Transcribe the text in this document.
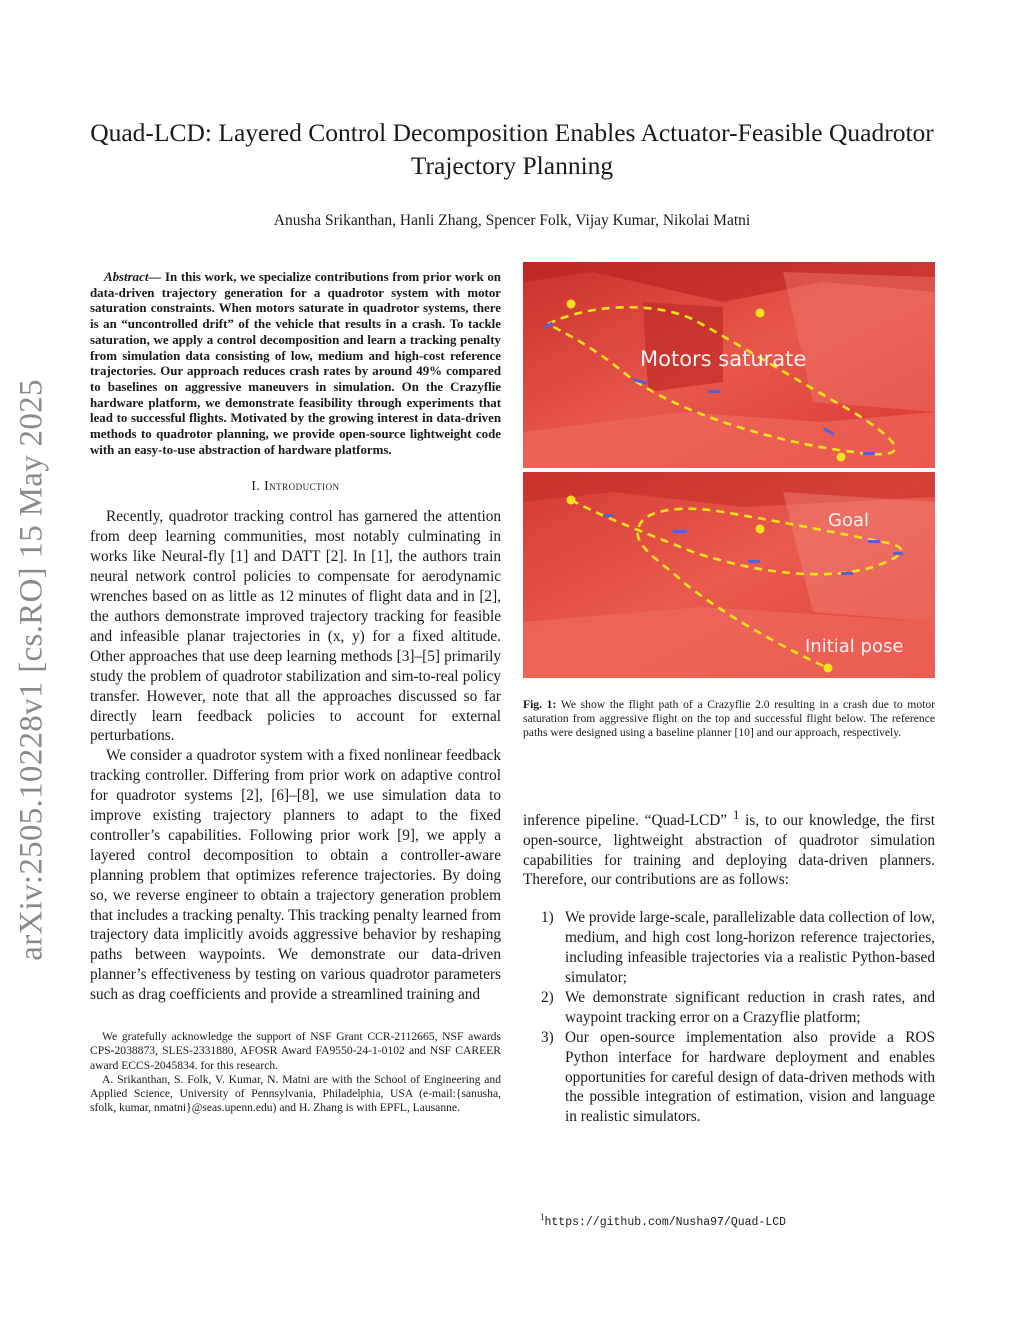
arXiv:2505.10228v1 [cs.RO] 15 May 2025
Quad-LCD: Layered Control Decomposition Enables Actuator-Feasible Quadrotor Trajectory Planning
Anusha Srikanthan, Hanli Zhang, Spencer Folk, Vijay Kumar, Nikolai Matni

Abstract— In this work, we specialize contributions from prior work on data-driven trajectory generation for a quadrotor system with motor saturation constraints. When motors saturate in quadrotor systems, there is an “uncontrolled drift” of the vehicle that results in a crash. To tackle saturation, we apply a control decomposition and learn a tracking penalty from simulation data consisting of low, medium and high-cost reference trajectories. Our approach reduces crash rates by around 49% compared to baselines on aggressive maneuvers in simulation. On the Crazyflie hardware platform, we demonstrate feasibility through experiments that lead to successful flights. Motivated by the growing interest in data-driven methods to quadrotor planning, we provide open-source lightweight code with an easy-to-use abstraction of hardware platforms.

I. Introduction

Recently, quadrotor tracking control has garnered the attention from deep learning communities, most notably culminating in works like Neural-fly [1] and DATT [2]. In [1], the authors train neural network control policies to compensate for aerodynamic wrenches based on as little as 12 minutes of flight data and in [2], the authors demonstrate improved trajectory tracking for feasible and infeasible planar trajectories in (x, y) for a fixed altitude. Other approaches that use deep learning methods [3]–[5] primarily study the problem of quadrotor stabilization and sim-to-real policy transfer. However, note that all the approaches discussed so far directly learn feedback policies to account for external perturbations.

We consider a quadrotor system with a fixed nonlinear feedback tracking controller. Differing from prior work on adaptive control for quadrotor systems [2], [6]–[8], we use simulation data to improve existing trajectory planners to adapt to the fixed controller’s capabilities. Following prior work [9], we apply a layered control decomposition to obtain a controller-aware planning problem that optimizes reference trajectories. By doing so, we reverse engineer to obtain a trajectory generation problem that includes a tracking penalty. This tracking penalty learned from trajectory data implicitly avoids aggressive behavior by reshaping paths between waypoints. We demonstrate our data-driven planner’s effectiveness by testing on various quadrotor parameters such as drag coefficients and provide a streamlined training and

We gratefully acknowledge the support of NSF Grant CCR-2112665, NSF awards CPS-2038873, SLES-2331880, AFOSR Award FA9550-24-1-0102 and NSF CAREER award ECCS-2045834. for this research.

A. Srikanthan, S. Folk, V. Kumar, N. Matni are with the School of Engineering and Applied Science, University of Pennsylvania, Philadelphia, USA (e-mail:{sanusha, sfolk, kumar, nmatni}@seas.upenn.edu) and H. Zhang is with EPFL, Lausanne.

Motors saturate
Goal
Initial pose
Fig. 1: We show the flight path of a Crazyflie 2.0 resulting in a crash due to motor saturation from aggressive flight on the top and successful flight below. The reference paths were designed using a baseline planner [10] and our approach, respectively.

inference pipeline. “Quad-LCD” $^1$ is, to our knowledge, the first open-source, lightweight abstraction of quadrotor simulation capabilities for training and deploying data-driven planners. Therefore, our contributions are as follows:

1) We provide large-scale, parallelizable data collection of low, medium, and high cost long-horizon reference trajectories, including infeasible trajectories via a realistic Python-based simulator;
2) We demonstrate significant reduction in crash rates, and waypoint tracking error on a Crazyflie platform;
3) Our open-source implementation also provide a ROS Python interface for hardware deployment and enables opportunities for careful design of data-driven methods with the possible integration of estimation, vision and language in realistic simulators.
$^1$https://github.com/Nusha97/Quad-LCD
